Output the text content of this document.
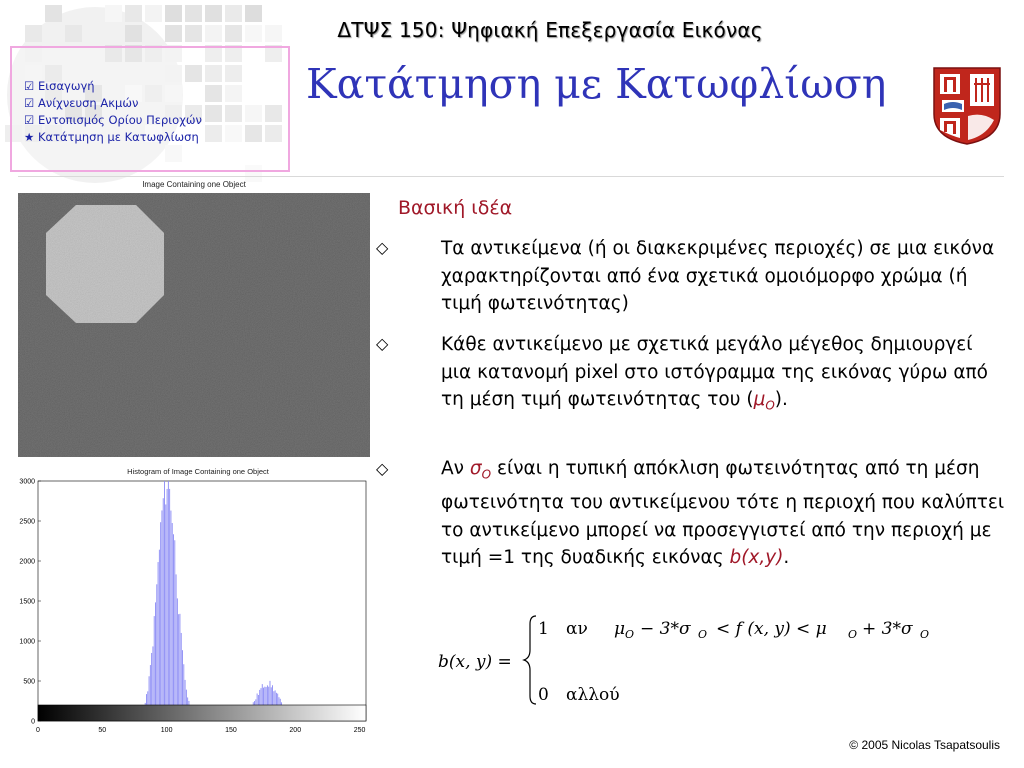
ΔΤΨΣ 150: Ψηφιακή Επεξεργασία Εικόνας
☑ Εισαγωγή
☑ Ανίχνευση Ακμών
☑ Εντοπισμός Ορίου Περιοχών
★ Κατάτμηση με Κατωφλίωση
Κατάτμηση με Κατωφλίωση
Image Containing one Object
Histogram of Image Containing one Object
0
500
1000
1500
2000
2500
3000
0	50	100	150	200	250
Βασική ιδέα
◇	Τα αντικείμενα (ή οι διακεκριμένες περιοχές) σε μια εικόνα χαρακτηρίζονται από ένα σχετικά ομοιόμορφο χρώμα (ή τιμή φωτεινότητας)
◇	Κάθε αντικείμενο με σχετικά μεγάλο μέγεθος δημιουργεί μια κατανομή pixel στο ιστόγραμμα της εικόνας γύρω από τη μέση τιμή φωτεινότητας του $(\mu_O)$.
◇	Αν $\sigma_O$ είναι η τυπική απόκλιση φωτεινότητας από τη μέση φωτεινότητα του αντικείμενου τότε η περιοχή που καλύπτει το αντικείμενο μπορεί να προσεγγιστεί από την περιοχή με τιμή =1 της δυαδικής εικόνας b(x,y).
b(x, y) =
1 αν μ O − 3*σ O < f (x, y) < μ O + 3*σ O
0 αλλού
© 2005 Nicolas Tsapatsoulis
